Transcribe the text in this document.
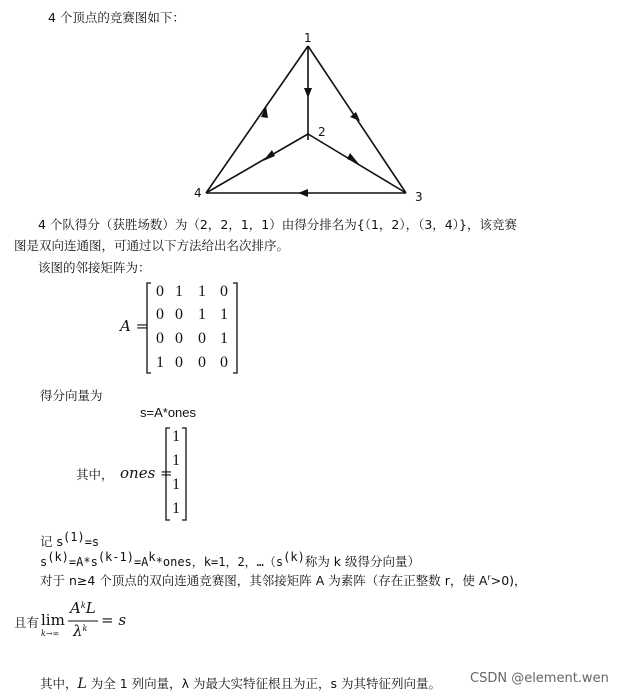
4 个顶点的竞赛图如下：
1
2
3
4
4 个队得分（获胜场数）为（2，2，1，1）由得分排名为{（1，2），（3，4）}，该竞赛
图是双向连通图，可通过以下方法给出名次排序。
该图的邻接矩阵为：
A =
0 1 1 0
0 0 1 1
0 0 0 1
1 0 0 0
得分向量为
s=A*ones
其中， ones =
1
1
1
1
记 $s^{(1)}=s$
$s^{(k)}=A*s^{(k-1)}=A^k*ones$，k=1，2，$\dots(s^{(k)}$称为 k 级得分向量）
对于 n≥4 个顶点的双向连通竞赛图，其邻接矩阵 A 为素阵（存在正整数 r，使 $A^r>0$)，
且有 lim
k→∞
$A^kL$
$\lambda^k = s$
其中，L 为全 1 列向量，λ 为最大实特征根且为正，s 为其特征列向量。 CSDN @element.wen
